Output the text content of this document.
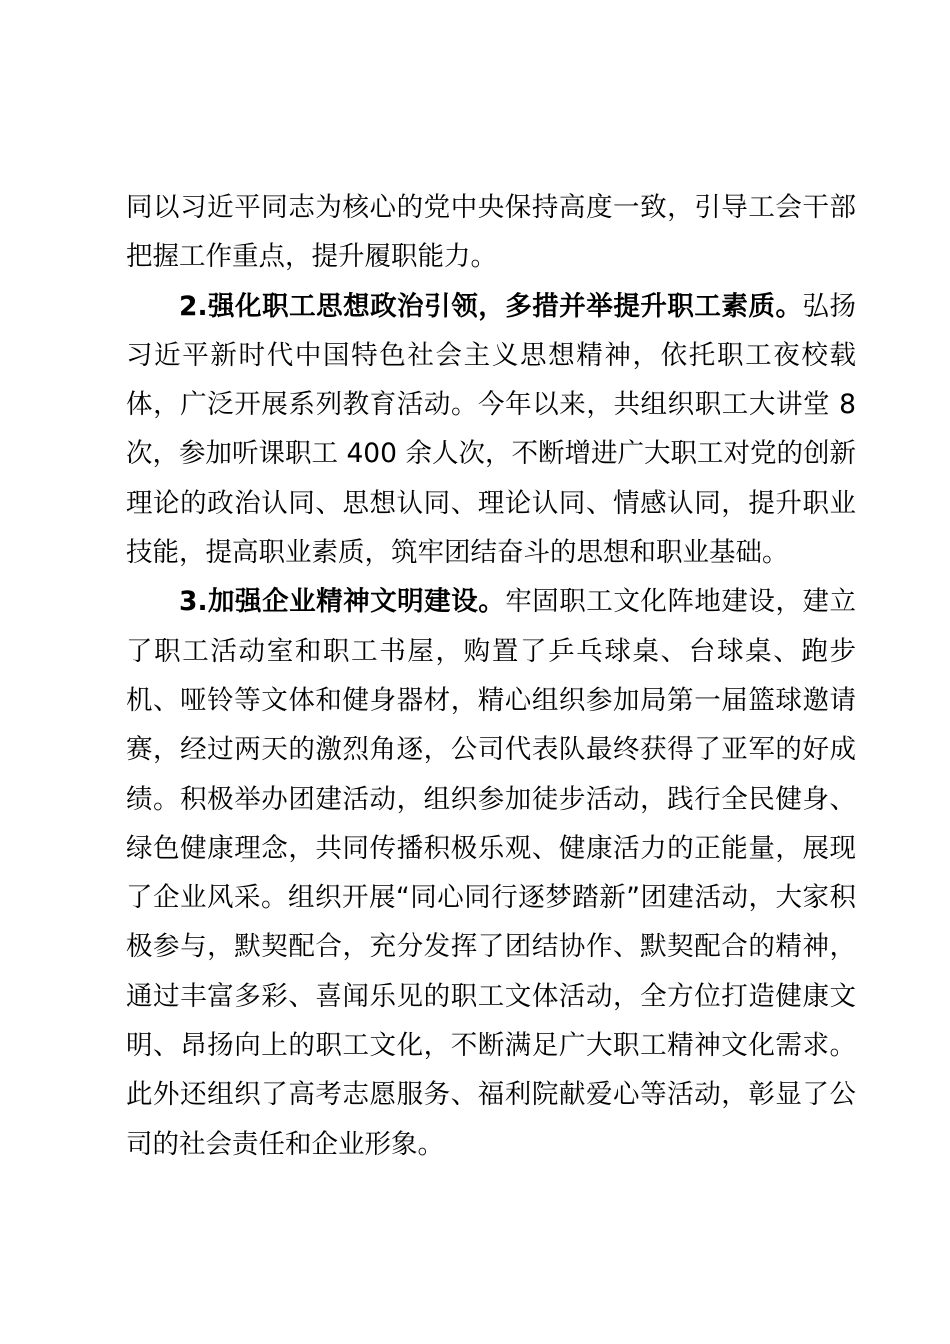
同以习近平同志为核心的党中央保持高度一致，引导工会干部把握工作重点，提升履职能力。

2.强化职工思想政治引领，多措并举提升职工素质。弘扬习近平新时代中国特色社会主义思想精神，依托职工夜校载体，广泛开展系列教育活动。今年以来，共组织职工大讲堂 8 次，参加听课职工 400 余人次，不断增进广大职工对党的创新理论的政治认同、思想认同、理论认同、情感认同，提升职业技能，提高职业素质，筑牢团结奋斗的思想和职业基础。

3.加强企业精神文明建设。牢固职工文化阵地建设，建立了职工活动室和职工书屋，购置了乒乓球桌、台球桌、跑步机、哑铃等文体和健身器材，精心组织参加局第一届篮球邀请赛，经过两天的激烈角逐，公司代表队最终获得了亚军的好成绩。积极举办团建活动，组织参加徒步活动，践行全民健身、绿色健康理念，共同传播积极乐观、健康活力的正能量，展现了企业风采。组织开展“同心同行逐梦踏新”团建活动，大家积极参与，默契配合，充分发挥了团结协作、默契配合的精神，通过丰富多彩、喜闻乐见的职工文体活动，全方位打造健康文明、昂扬向上的职工文化，不断满足广大职工精神文化需求。此外还组织了高考志愿服务、福利院献爱心等活动，彰显了公司的社会责任和企业形象。
